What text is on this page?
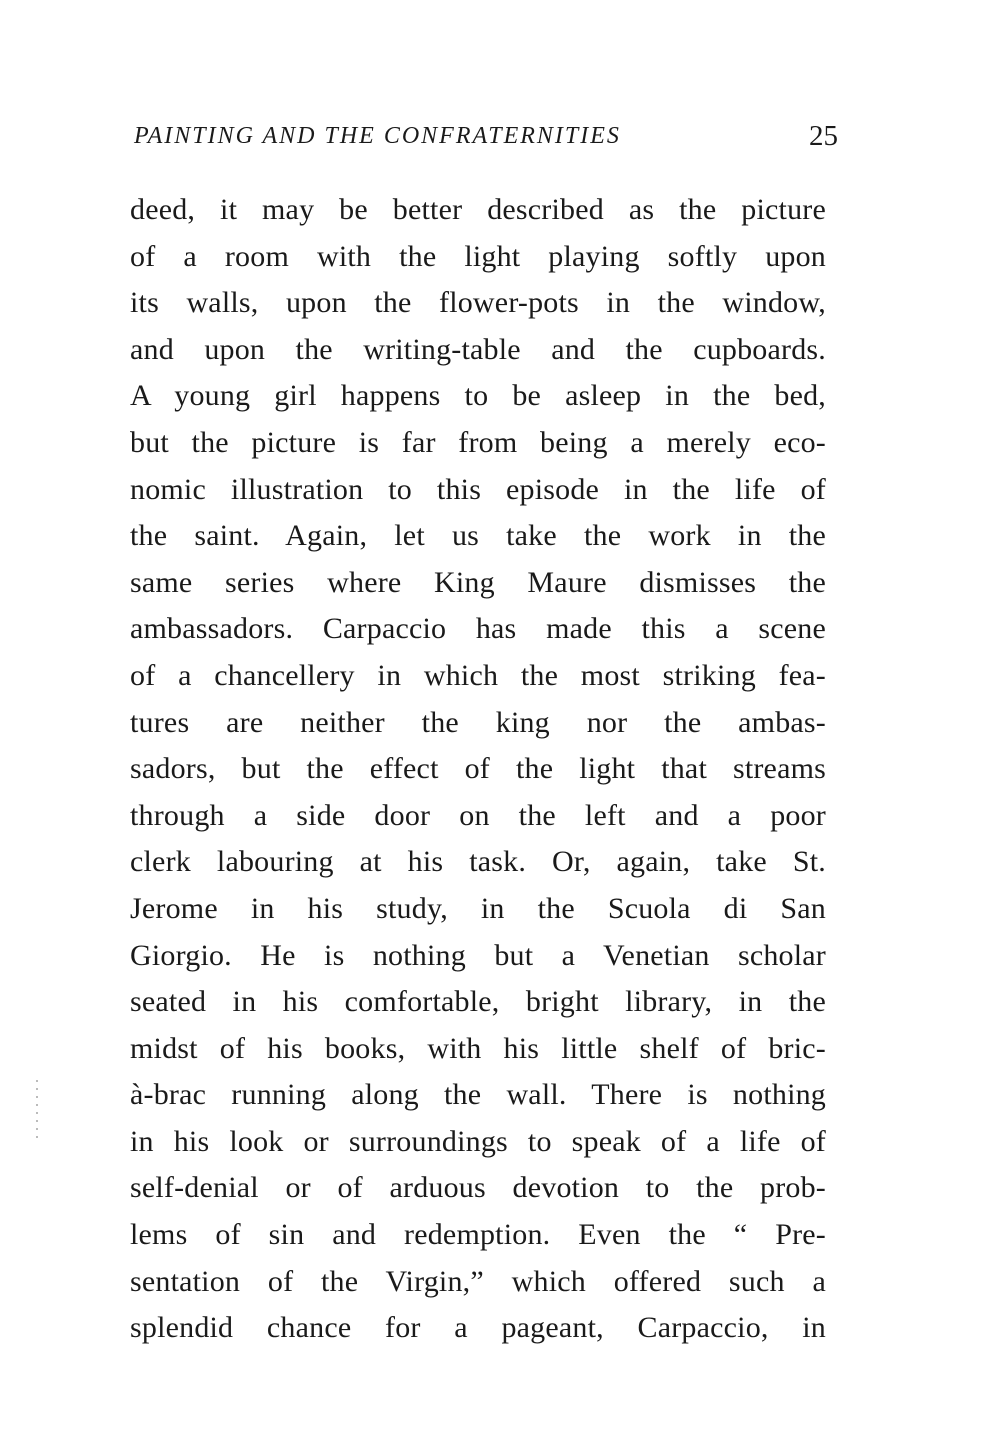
PAINTING AND THE CONFRATERNITIES	25
deed, it may be better described as the picture
of a room with the light playing softly upon
its walls, upon the flower-pots in the window,
and upon the writing-table and the cupboards.
A young girl happens to be asleep in the bed,
but the picture is far from being a merely eco-
nomic illustration to this episode in the life of
the saint. Again, let us take the work in the
same series where King Maure dismisses the
ambassadors. Carpaccio has made this a scene
of a chancellery in which the most striking fea-
tures are neither the king nor the ambas-
sadors, but the effect of the light that streams
through a side door on the left and a poor
clerk labouring at his task. Or, again, take St.
Jerome in his study, in the Scuola di San
Giorgio. He is nothing but a Venetian scholar
seated in his comfortable, bright library, in the
midst of his books, with his little shelf of bric-
à-brac running along the wall. There is nothing
in his look or surroundings to speak of a life of
self-denial or of arduous devotion to the prob-
lems of sin and redemption. Even the “ Pre-
sentation of the Virgin,” which offered such a
splendid chance for a pageant, Carpaccio, in
